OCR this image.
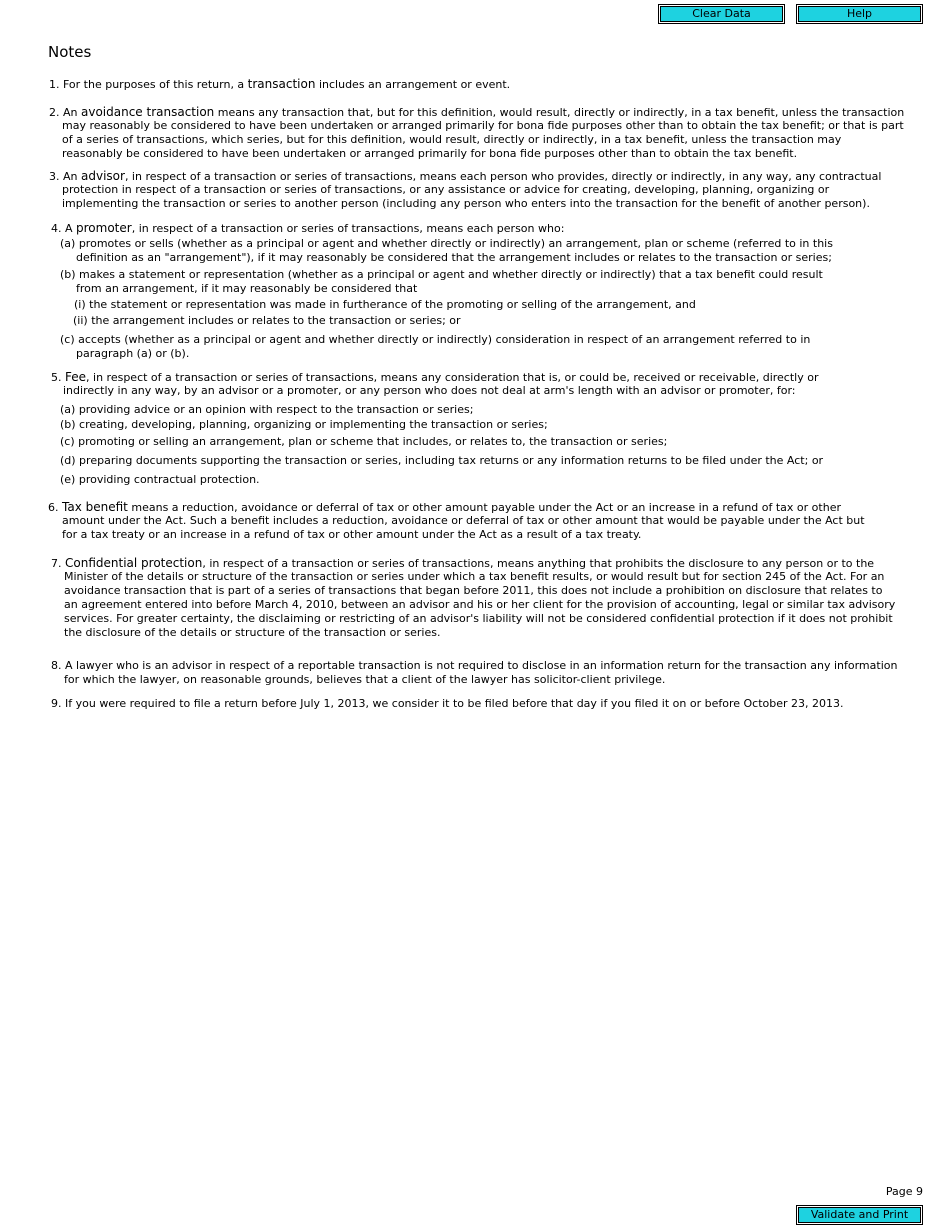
Clear Data	Help
Notes
1. For the purposes of this return, a transaction includes an arrangement or event.
2. An avoidance transaction means any transaction that, but for this definition, would result, directly or indirectly, in a tax benefit, unless the transaction
may reasonably be considered to have been undertaken or arranged primarily for bona fide purposes other than to obtain the tax benefit; or that is part
of a series of transactions, which series, but for this definition, would result, directly or indirectly, in a tax benefit, unless the transaction may
reasonably be considered to have been undertaken or arranged primarily for bona fide purposes other than to obtain the tax benefit.
3. An advisor, in respect of a transaction or series of transactions, means each person who provides, directly or indirectly, in any way, any contractual
protection in respect of a transaction or series of transactions, or any assistance or advice for creating, developing, planning, organizing or
implementing the transaction or series to another person (including any person who enters into the transaction for the benefit of another person).
4. A promoter, in respect of a transaction or series of transactions, means each person who:
(a) promotes or sells (whether as a principal or agent and whether directly or indirectly) an arrangement, plan or scheme (referred to in this
definition as an "arrangement"), if it may reasonably be considered that the arrangement includes or relates to the transaction or series;
(b) makes a statement or representation (whether as a principal or agent and whether directly or indirectly) that a tax benefit could result
from an arrangement, if it may reasonably be considered that
(i) the statement or representation was made in furtherance of the promoting or selling of the arrangement, and
(ii) the arrangement includes or relates to the transaction or series; or
(c) accepts (whether as a principal or agent and whether directly or indirectly) consideration in respect of an arrangement referred to in
paragraph (a) or (b).
5. Fee, in respect of a transaction or series of transactions, means any consideration that is, or could be, received or receivable, directly or
indirectly in any way, by an advisor or a promoter, or any person who does not deal at arm's length with an advisor or promoter, for:
(a) providing advice or an opinion with respect to the transaction or series;
(b) creating, developing, planning, organizing or implementing the transaction or series;
(c) promoting or selling an arrangement, plan or scheme that includes, or relates to, the transaction or series;
(d) preparing documents supporting the transaction or series, including tax returns or any information returns to be filed under the Act; or
(e) providing contractual protection.
6. Tax benefit means a reduction, avoidance or deferral of tax or other amount payable under the Act or an increase in a refund of tax or other
amount under the Act. Such a benefit includes a reduction, avoidance or deferral of tax or other amount that would be payable under the Act but
for a tax treaty or an increase in a refund of tax or other amount under the Act as a result of a tax treaty.
7. Confidential protection, in respect of a transaction or series of transactions, means anything that prohibits the disclosure to any person or to the
Minister of the details or structure of the transaction or series under which a tax benefit results, or would result but for section 245 of the Act. For an
avoidance transaction that is part of a series of transactions that began before 2011, this does not include a prohibition on disclosure that relates to
an agreement entered into before March 4, 2010, between an advisor and his or her client for the provision of accounting, legal or similar tax advisory
services. For greater certainty, the disclaiming or restricting of an advisor's liability will not be considered confidential protection if it does not prohibit
the disclosure of the details or structure of the transaction or series.
8. A lawyer who is an advisor in respect of a reportable transaction is not required to disclose in an information return for the transaction any information
for which the lawyer, on reasonable grounds, believes that a client of the lawyer has solicitor-client privilege.
9. If you were required to file a return before July 1, 2013, we consider it to be filed before that day if you filed it on or before October 23, 2013.
Page 9
Validate and Print
